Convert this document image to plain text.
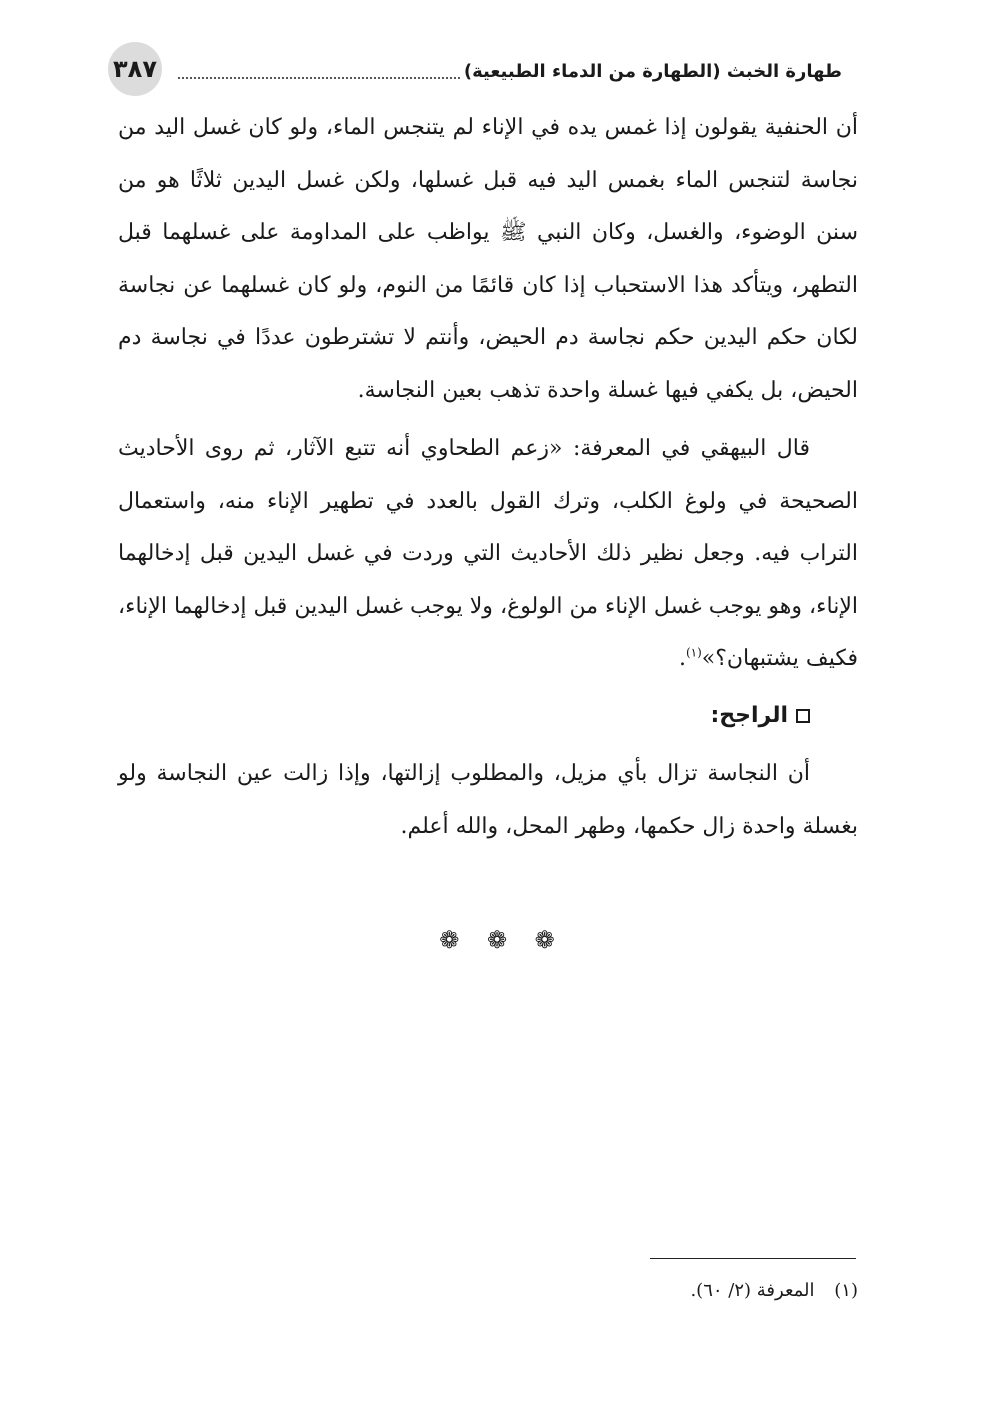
٣٨٧	طهارة الخبث (الطهارة من الدماء الطبيعية)

أن الحنفية يقولون إذا غمس يده في الإناء لم يتنجس الماء، ولو كان غسل اليد من نجاسة لتنجس الماء بغمس اليد فيه قبل غسلها، ولكن غسل اليدين ثلاثًا هو من سنن الوضوء، والغسل، وكان النبي ﷺ يواظب على المداومة على غسلهما قبل التطهر، ويتأكد هذا الاستحباب إذا كان قائمًا من النوم، ولو كان غسلهما عن نجاسة لكان حكم اليدين حكم نجاسة دم الحيض، وأنتم لا تشترطون عددًا في نجاسة دم الحيض، بل يكفي فيها غسلة واحدة تذهب بعين النجاسة.

قال البيهقي في المعرفة: «زعم الطحاوي أنه تتبع الآثار، ثم روى الأحاديث الصحيحة في ولوغ الكلب، وترك القول بالعدد في تطهير الإناء منه، واستعمال التراب فيه. وجعل نظير ذلك الأحاديث التي وردت في غسل اليدين قبل إدخالهما الإناء، وهو يوجب غسل الإناء من الولوغ، ولا يوجب غسل اليدين قبل إدخالهما الإناء، فكيف يشتبهان؟»$^{(١)}$.

الراجح:

أن النجاسة تزال بأي مزيل، والمطلوب إزالتها، وإذا زالت عين النجاسة ولو بغسلة واحدة زال حكمها، وطهر المحل، والله أعلم.

❁ ❁ ❁
(١) المعرفة (٢/ ٦٠).
